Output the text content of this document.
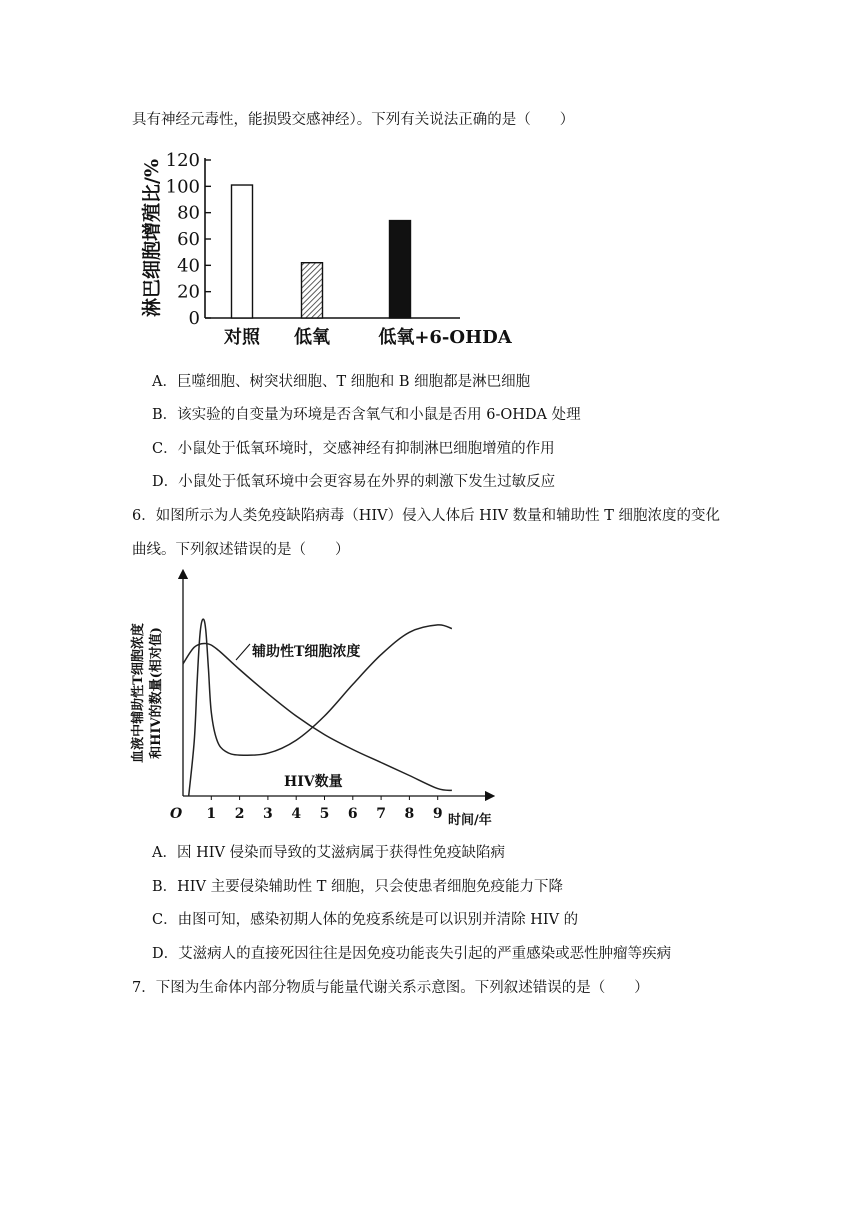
具有神经元毒性，能损毁交感神经）。下列有关说法正确的是（　　）
淋巴细胞增殖比/%
0
20
40
60
80
100
120
对照 低氧	低氧+6-OHDA
A．巨噬细胞、树突状细胞、T 细胞和 B 细胞都是淋巴细胞
B．该实验的自变量为环境是否含氧气和小鼠是否用 6-OHDA 处理
C．小鼠处于低氧环境时，交感神经有抑制淋巴细胞增殖的作用
D．小鼠处于低氧环境中会更容易在外界的刺激下发生过敏反应
6．如图所示为人类免疫缺陷病毒（HIV）侵入人体后 HIV 数量和辅助性 T 细胞浓度的变化
曲线。下列叙述错误的是（　　）
血液中辅助性T细胞浓度 和HIV的数量(相对值)
O 1 2 3 4 5 6 7 8 9 时间/年
辅助性T细胞浓度
HIV数量
A．因 HIV 侵染而导致的艾滋病属于获得性免疫缺陷病
B．HIV 主要侵染辅助性 T 细胞，只会使患者细胞免疫能力下降
C．由图可知，感染初期人体的免疫系统是可以识别并清除 HIV 的
D．艾滋病人的直接死因往往是因免疫功能丧失引起的严重感染或恶性肿瘤等疾病
7．下图为生命体内部分物质与能量代谢关系示意图。下列叙述错误的是（　　）
